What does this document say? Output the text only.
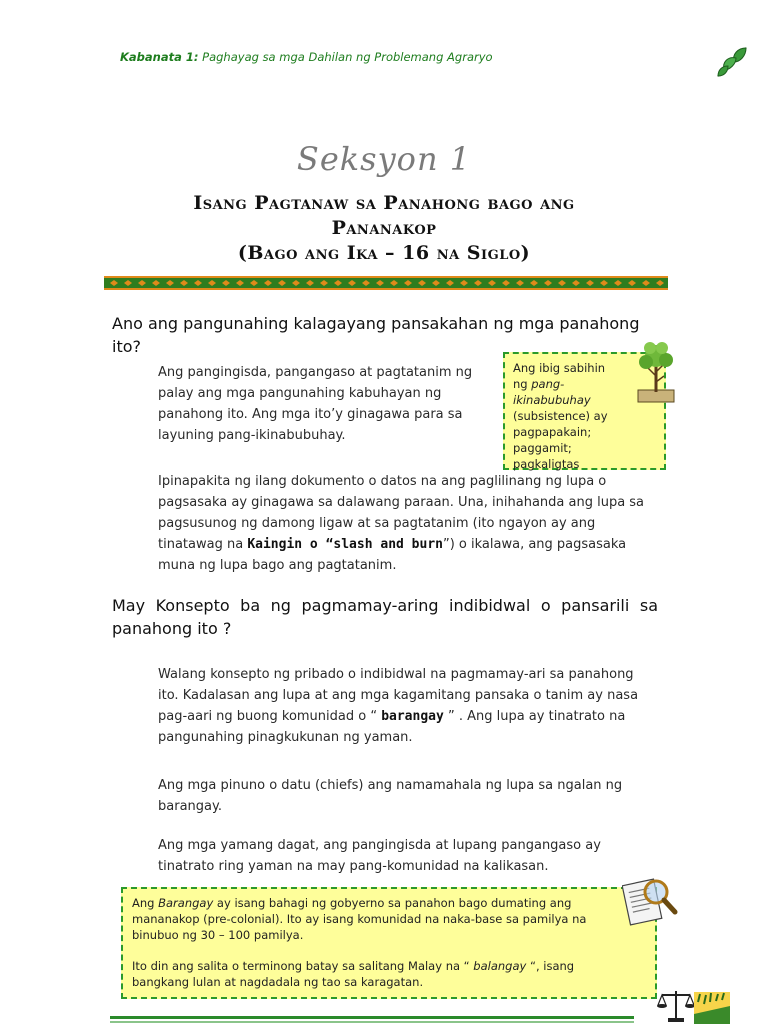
Kabanata 1: Paghayag sa mga Dahilan ng Problemang Agraryo
Seksyon 1
Isang Pagtanaw sa Panahong bago ang
Pananakop
(Bago ang Ika – 16 na Siglo)
Ano ang pangunahing kalagayang pansakahan ng mga panahong ito?
Ang pangingisda, pangangaso at pagtatanim ng palay ang mga pangunahing kabuhayan ng panahong ito. Ang mga ito’y ginagawa para sa layuning pang-ikinabubuhay.
Ang ibig sabihin ng pang-ikinabubuhay (subsistence) ay pagpapakain; paggamit; pagkaligtas
Ipinapakita ng ilang dokumento o datos na ang paglilinang ng lupa o pagsasaka ay ginagawa sa dalawang paraan. Una, inihahanda ang lupa sa pagsusunog ng damong ligaw at sa pagtatanim (ito ngayon ay ang tinatawag na Kaingin o “slash and burn”) o ikalawa, ang pagsasaka muna ng lupa bago ang pagtatanim.
May Konsepto ba ng pagmamay-aring indibidwal o pansarili sa panahong ito ?
Walang konsepto ng pribado o indibidwal na pagmamay-ari sa panahong ito. Kadalasan ang lupa at ang mga kagamitang pansaka o tanim ay nasa pag-aari ng buong komunidad o “ barangay ” . Ang lupa ay tinatrato na pangunahing pinagkukunan ng yaman.
Ang mga pinuno o datu (chiefs) ang namamahala ng lupa sa ngalan ng barangay.
Ang mga yamang dagat, ang pangingisda at lupang pangangaso ay tinatrato ring yaman na may pang-komunidad na kalikasan.
Ang Barangay ay isang bahagi ng gobyerno sa panahon bago dumating ang mananakop (pre-colonial). Ito ay isang komunidad na naka-base sa pamilya na binubuo ng 30 – 100 pamilya.
Ito din ang salita o terminong batay sa salitang Malay na “ balangay “, isang bangkang lulan at nagdadala ng tao sa karagatan.
